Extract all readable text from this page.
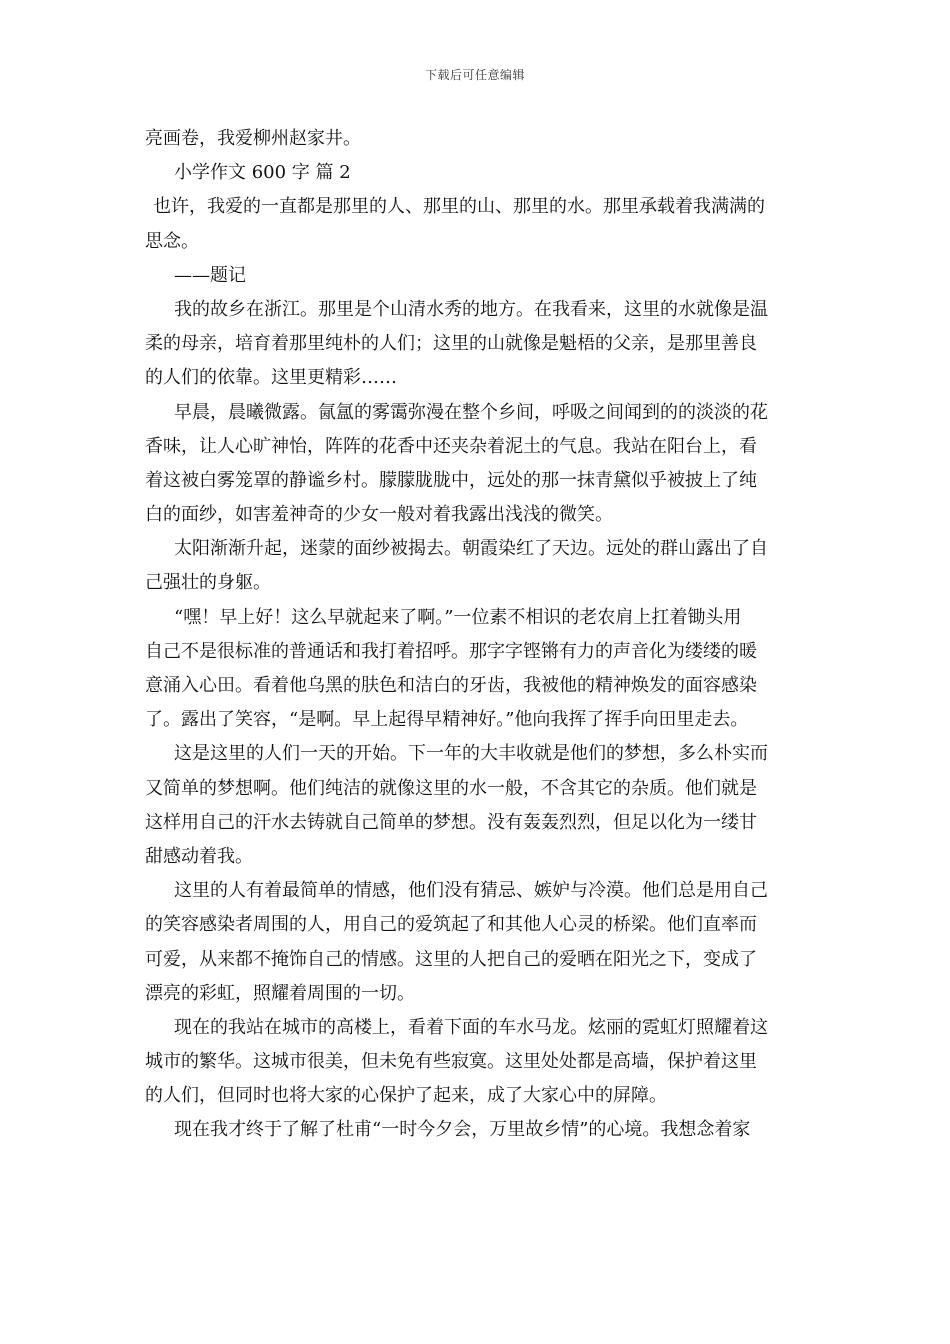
下载后可任意编辑
亮画卷，我爱柳州赵家井。
小学作文 600 字 篇 2
也许，我爱的一直都是那里的人、那里的山、那里的水。那里承载着我满满的
思念。
——题记
我的故乡在浙江。那里是个山清水秀的地方。在我看来，这里的水就像是温
柔的母亲，培育着那里纯朴的人们；这里的山就像是魁梧的父亲，是那里善良
的人们的依靠。这里更精彩……
早晨，晨曦微露。氤氲的雾霭弥漫在整个乡间，呼吸之间闻到的的淡淡的花
香味，让人心旷神怡，阵阵的花香中还夹杂着泥土的气息。我站在阳台上，看
着这被白雾笼罩的静谧乡村。朦朦胧胧中，远处的那一抹青黛似乎被披上了纯
白的面纱，如害羞神奇的少女一般对着我露出浅浅的微笑。
太阳渐渐升起，迷蒙的面纱被揭去。朝霞染红了天边。远处的群山露出了自
己强壮的身躯。
“嘿！早上好！这么早就起来了啊。”一位素不相识的老农肩上扛着锄头用
自己不是很标准的普通话和我打着招呼。那字字铿锵有力的声音化为缕缕的暖
意涌入心田。看着他乌黑的肤色和洁白的牙齿，我被他的精神焕发的面容感染
了。露出了笑容，“是啊。早上起得早精神好。”他向我挥了挥手向田里走去。
这是这里的人们一天的开始。下一年的大丰收就是他们的梦想，多么朴实而
又简单的梦想啊。他们纯洁的就像这里的水一般，不含其它的杂质。他们就是
这样用自己的汗水去铸就自己简单的梦想。没有轰轰烈烈，但足以化为一缕甘
甜感动着我。
这里的人有着最简单的情感，他们没有猜忌、嫉妒与冷漠。他们总是用自己
的笑容感染者周围的人，用自己的爱筑起了和其他人心灵的桥梁。他们直率而
可爱，从来都不掩饰自己的情感。这里的人把自己的爱晒在阳光之下，变成了
漂亮的彩虹，照耀着周围的一切。
现在的我站在城市的高楼上，看着下面的车水马龙。炫丽的霓虹灯照耀着这
城市的繁华。这城市很美，但未免有些寂寞。这里处处都是高墙，保护着这里
的人们，但同时也将大家的心保护了起来，成了大家心中的屏障。
现在我才终于了解了杜甫“一时今夕会，万里故乡情”的心境。我想念着家
